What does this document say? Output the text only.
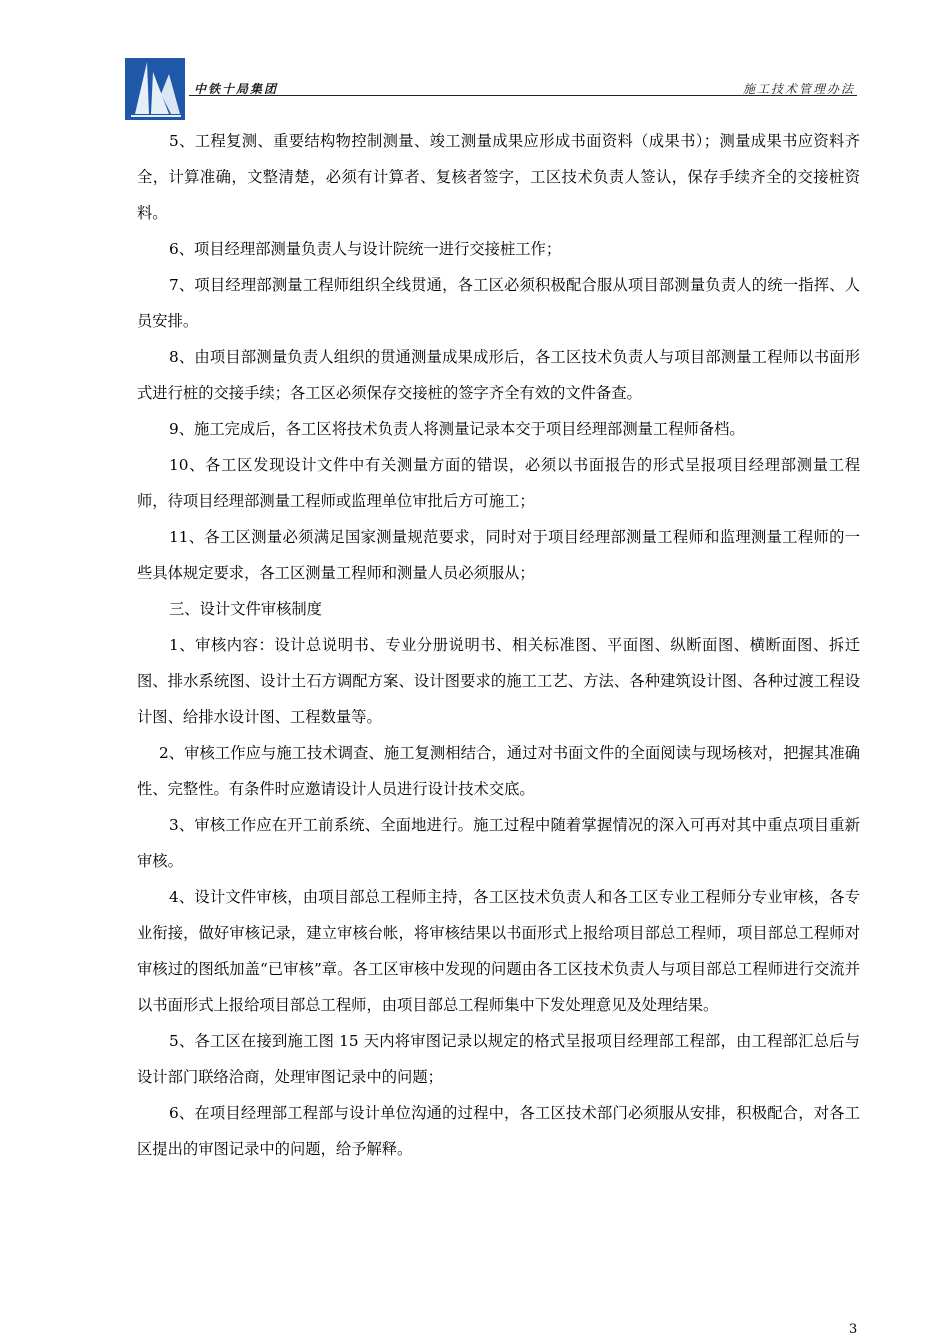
中铁十局集团	施工技术管理办法

5、工程复测、重要结构物控制测量、竣工测量成果应形成书面资料（成果书）；测量成果书应资料齐全，计算准确，文整清楚，必须有计算者、复核者签字，工区技术负责人签认，保存手续齐全的交接桩资料。

6、项目经理部测量负责人与设计院统一进行交接桩工作；

7、项目经理部测量工程师组织全线贯通，各工区必须积极配合服从项目部测量负责人的统一指挥、人员安排。

8、由项目部测量负责人组织的贯通测量成果成形后，各工区技术负责人与项目部测量工程师以书面形式进行桩的交接手续；各工区必须保存交接桩的签字齐全有效的文件备查。

9、施工完成后，各工区将技术负责人将测量记录本交于项目经理部测量工程师备档。

10、各工区发现设计文件中有关测量方面的错误，必须以书面报告的形式呈报项目经理部测量工程师，待项目经理部测量工程师或监理单位审批后方可施工；

11、各工区测量必须满足国家测量规范要求，同时对于项目经理部测量工程师和监理测量工程师的一些具体规定要求，各工区测量工程师和测量人员必须服从；

三、设计文件审核制度

1、审核内容：设计总说明书、专业分册说明书、相关标准图、平面图、纵断面图、横断面图、拆迁图、排水系统图、设计土石方调配方案、设计图要求的施工工艺、方法、各种建筑设计图、各种过渡工程设计图、给排水设计图、工程数量等。

2、审核工作应与施工技术调查、施工复测相结合，通过对书面文件的全面阅读与现场核对，把握其准确性、完整性。有条件时应邀请设计人员进行设计技术交底。

3、审核工作应在开工前系统、全面地进行。施工过程中随着掌握情况的深入可再对其中重点项目重新审核。

4、设计文件审核，由项目部总工程师主持，各工区技术负责人和各工区专业工程师分专业审核，各专业衔接，做好审核记录，建立审核台帐，将审核结果以书面形式上报给项目部总工程师，项目部总工程师对审核过的图纸加盖“已审核”章。各工区审核中发现的问题由各工区技术负责人与项目部总工程师进行交流并以书面形式上报给项目部总工程师，由项目部总工程师集中下发处理意见及处理结果。

5、各工区在接到施工图 15 天内将审图记录以规定的格式呈报项目经理部工程部，由工程部汇总后与设计部门联络洽商，处理审图记录中的问题；

6、在项目经理部工程部与设计单位沟通的过程中，各工区技术部门必须服从安排，积极配合，对各工区提出的审图记录中的问题，给予解释。

3
